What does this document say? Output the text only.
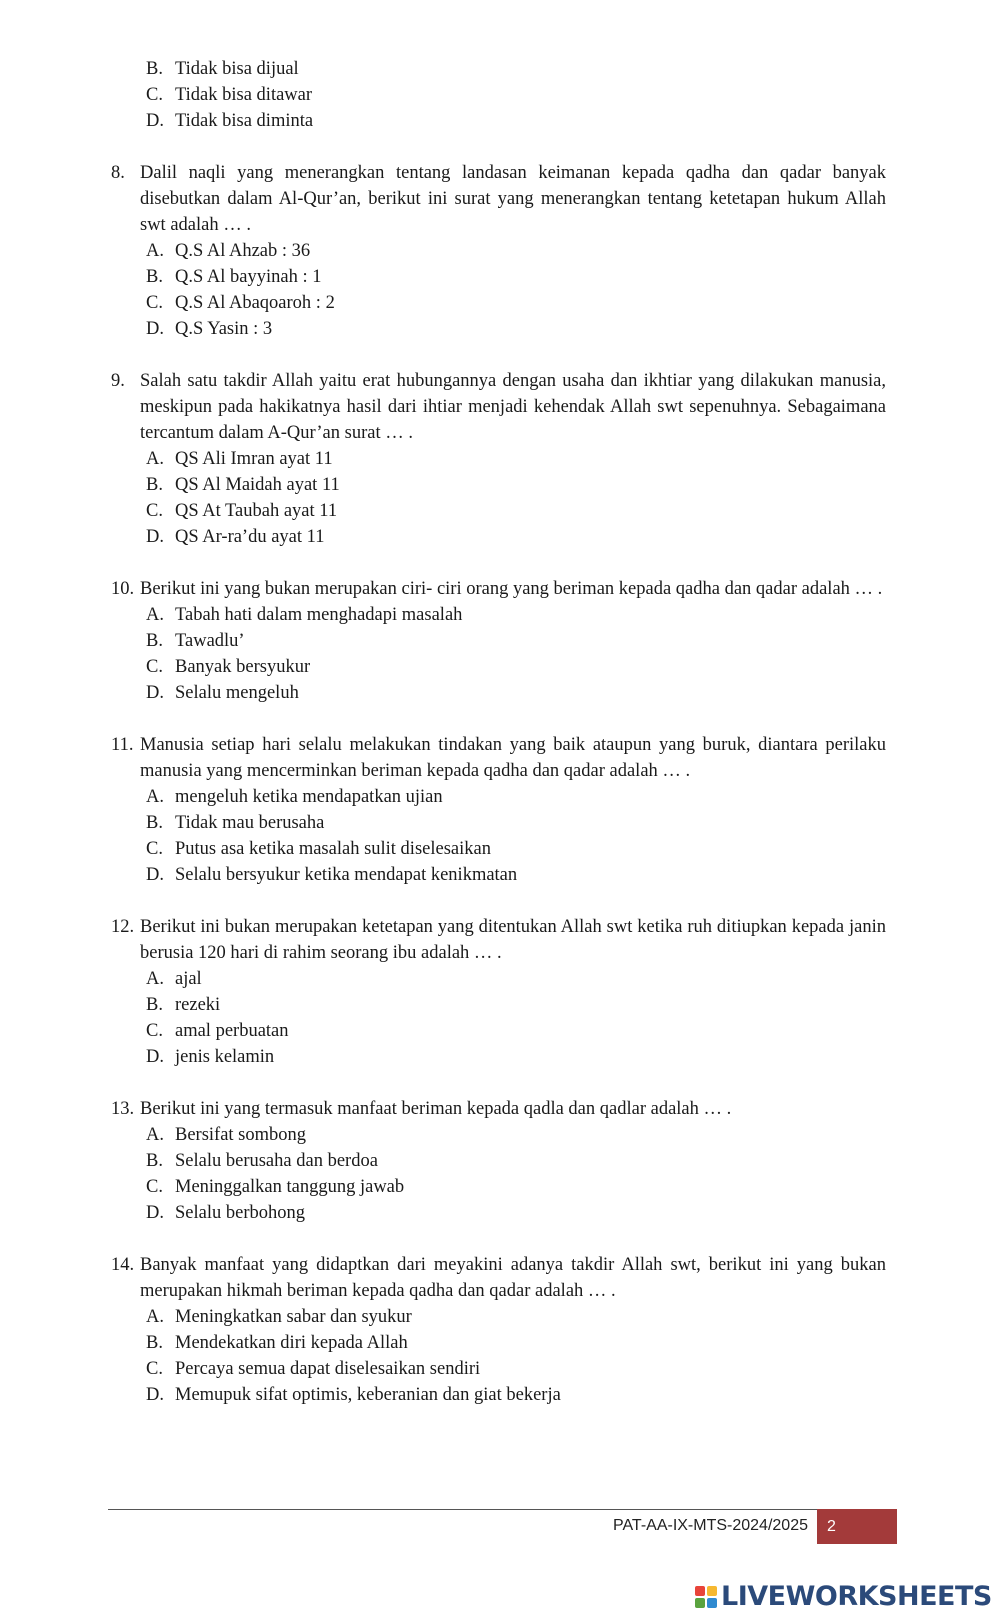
B. Tidak bisa dijual
C. Tidak bisa ditawar
D. Tidak bisa diminta
8. Dalil naqli yang menerangkan tentang landasan keimanan kepada qadha dan qadar banyak disebutkan dalam Al-Qur’an, berikut ini surat yang menerangkan tentang ketetapan hukum Allah swt adalah … .
A. Q.S Al Ahzab : 36
B. Q.S Al bayyinah : 1
C. Q.S Al Abaqoaroh : 2
D. Q.S Yasin : 3
9. Salah satu takdir Allah yaitu erat hubungannya dengan usaha dan ikhtiar yang dilakukan manusia, meskipun pada hakikatnya hasil dari ihtiar menjadi kehendak Allah swt sepenuhnya. Sebagaimana tercantum dalam A-Qur’an surat … .
A. QS Ali Imran ayat 11
B. QS Al Maidah ayat 11
C. QS At Taubah ayat 11
D. QS Ar-ra’du ayat 11
10. Berikut ini yang bukan merupakan ciri- ciri orang yang beriman kepada qadha dan qadar adalah … .
A. Tabah hati dalam menghadapi masalah
B. Tawadlu’
C. Banyak bersyukur
D. Selalu mengeluh
11. Manusia setiap hari selalu melakukan tindakan yang baik ataupun yang buruk, diantara perilaku manusia yang mencerminkan beriman kepada qadha dan qadar adalah … .
A. mengeluh ketika mendapatkan ujian
B. Tidak mau berusaha
C. Putus asa ketika masalah sulit diselesaikan
D. Selalu bersyukur ketika mendapat kenikmatan
12. Berikut ini bukan merupakan ketetapan yang ditentukan Allah swt ketika ruh ditiupkan kepada janin berusia 120 hari di rahim seorang ibu adalah … .
A. ajal
B. rezeki
C. amal perbuatan
D. jenis kelamin
13. Berikut ini yang termasuk manfaat beriman kepada qadla dan qadlar adalah … .
A. Bersifat sombong
B. Selalu berusaha dan berdoa
C. Meninggalkan tanggung jawab
D. Selalu berbohong
14. Banyak manfaat yang didaptkan dari meyakini adanya takdir Allah swt, berikut ini yang bukan merupakan hikmah beriman kepada qadha dan qadar adalah … .
A. Meningkatkan sabar dan syukur
B. Mendekatkan diri kepada Allah
C. Percaya semua dapat diselesaikan sendiri
D. Memupuk sifat optimis, keberanian dan giat bekerja
PAT-AA-IX-MTS-2024/2025	2
LIVEWORKSHEETS
